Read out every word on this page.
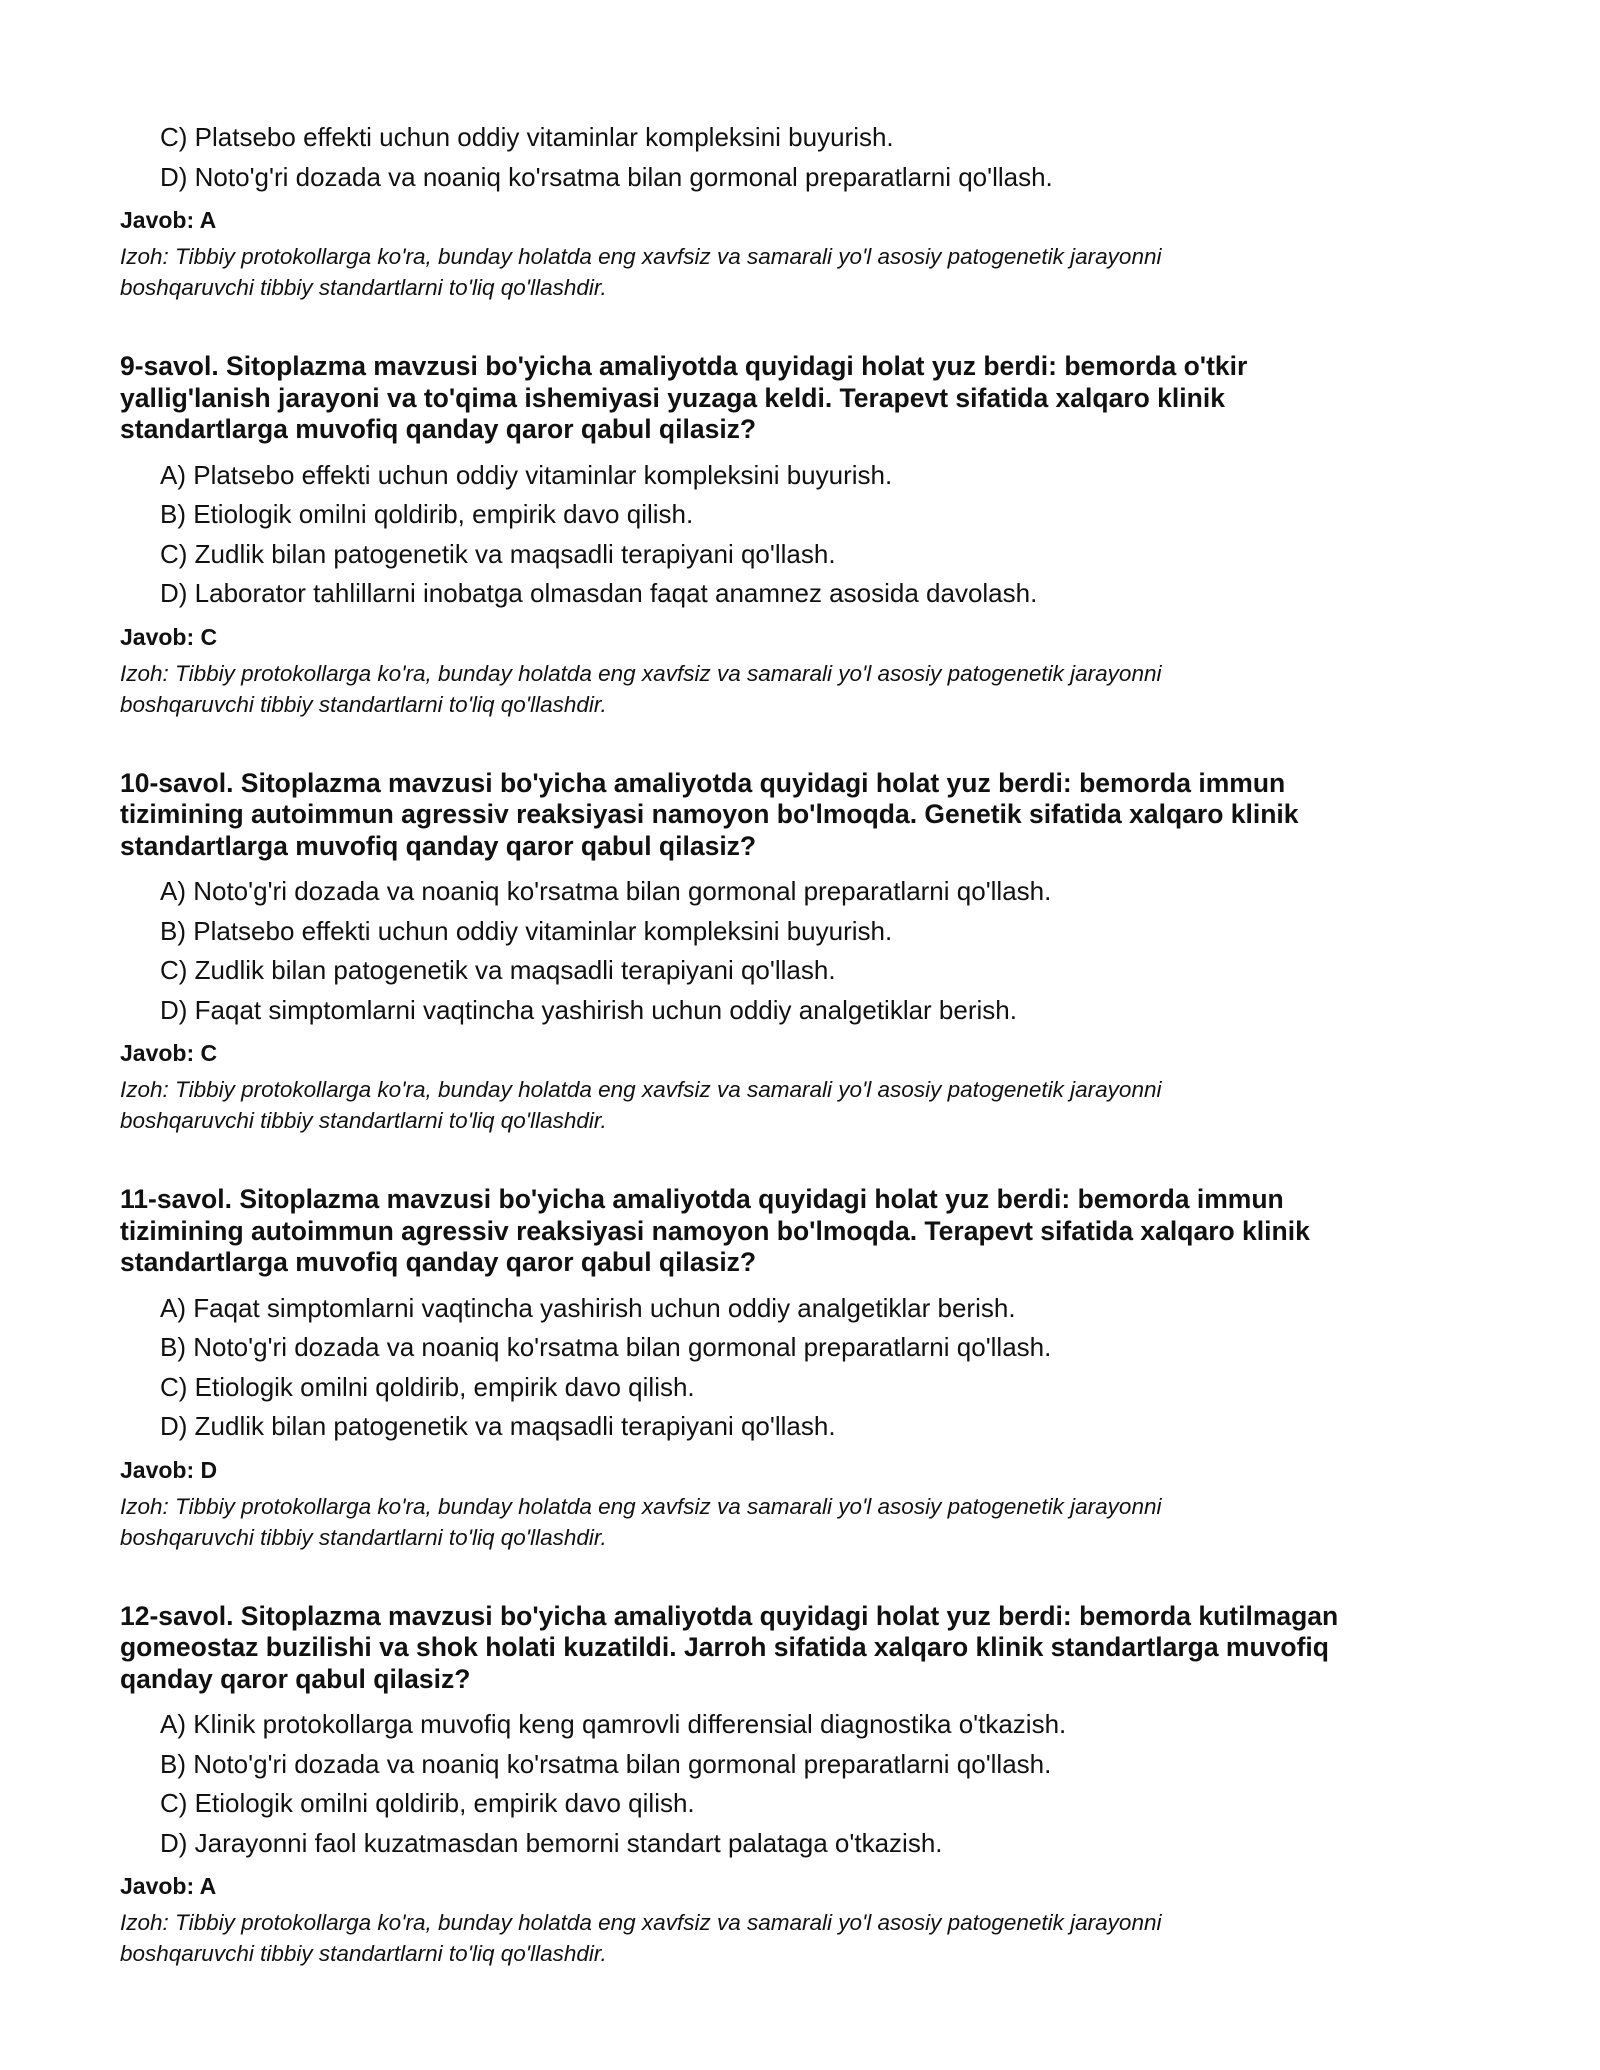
C) Platsebo effekti uchun oddiy vitaminlar kompleksini buyurish.
D) Noto'g'ri dozada va noaniq ko'rsatma bilan gormonal preparatlarni qo'llash.
Javob: A
Izoh: Tibbiy protokollarga ko'ra, bunday holatda eng xavfsiz va samarali yo'l asosiy patogenetik jarayonni
boshqaruvchi tibbiy standartlarni to'liq qo'llashdir.
9-savol. Sitoplazma mavzusi bo'yicha amaliyotda quyidagi holat yuz berdi: bemorda o'tkir
yallig'lanish jarayoni va to'qima ishemiyasi yuzaga keldi. Terapevt sifatida xalqaro klinik
standartlarga muvofiq qanday qaror qabul qilasiz?
A) Platsebo effekti uchun oddiy vitaminlar kompleksini buyurish.
B) Etiologik omilni qoldirib, empirik davo qilish.
C) Zudlik bilan patogenetik va maqsadli terapiyani qo'llash.
D) Laborator tahlillarni inobatga olmasdan faqat anamnez asosida davolash.
Javob: C
Izoh: Tibbiy protokollarga ko'ra, bunday holatda eng xavfsiz va samarali yo'l asosiy patogenetik jarayonni
boshqaruvchi tibbiy standartlarni to'liq qo'llashdir.
10-savol. Sitoplazma mavzusi bo'yicha amaliyotda quyidagi holat yuz berdi: bemorda immun
tizimining autoimmun agressiv reaksiyasi namoyon bo'lmoqda. Genetik sifatida xalqaro klinik
standartlarga muvofiq qanday qaror qabul qilasiz?
A) Noto'g'ri dozada va noaniq ko'rsatma bilan gormonal preparatlarni qo'llash.
B) Platsebo effekti uchun oddiy vitaminlar kompleksini buyurish.
C) Zudlik bilan patogenetik va maqsadli terapiyani qo'llash.
D) Faqat simptomlarni vaqtincha yashirish uchun oddiy analgetiklar berish.
Javob: C
Izoh: Tibbiy protokollarga ko'ra, bunday holatda eng xavfsiz va samarali yo'l asosiy patogenetik jarayonni
boshqaruvchi tibbiy standartlarni to'liq qo'llashdir.
11-savol. Sitoplazma mavzusi bo'yicha amaliyotda quyidagi holat yuz berdi: bemorda immun
tizimining autoimmun agressiv reaksiyasi namoyon bo'lmoqda. Terapevt sifatida xalqaro klinik
standartlarga muvofiq qanday qaror qabul qilasiz?
A) Faqat simptomlarni vaqtincha yashirish uchun oddiy analgetiklar berish.
B) Noto'g'ri dozada va noaniq ko'rsatma bilan gormonal preparatlarni qo'llash.
C) Etiologik omilni qoldirib, empirik davo qilish.
D) Zudlik bilan patogenetik va maqsadli terapiyani qo'llash.
Javob: D
Izoh: Tibbiy protokollarga ko'ra, bunday holatda eng xavfsiz va samarali yo'l asosiy patogenetik jarayonni
boshqaruvchi tibbiy standartlarni to'liq qo'llashdir.
12-savol. Sitoplazma mavzusi bo'yicha amaliyotda quyidagi holat yuz berdi: bemorda kutilmagan
gomeostaz buzilishi va shok holati kuzatildi. Jarroh sifatida xalqaro klinik standartlarga muvofiq
qanday qaror qabul qilasiz?
A) Klinik protokollarga muvofiq keng qamrovli differensial diagnostika o'tkazish.
B) Noto'g'ri dozada va noaniq ko'rsatma bilan gormonal preparatlarni qo'llash.
C) Etiologik omilni qoldirib, empirik davo qilish.
D) Jarayonni faol kuzatmasdan bemorni standart palataga o'tkazish.
Javob: A
Izoh: Tibbiy protokollarga ko'ra, bunday holatda eng xavfsiz va samarali yo'l asosiy patogenetik jarayonni
boshqaruvchi tibbiy standartlarni to'liq qo'llashdir.
